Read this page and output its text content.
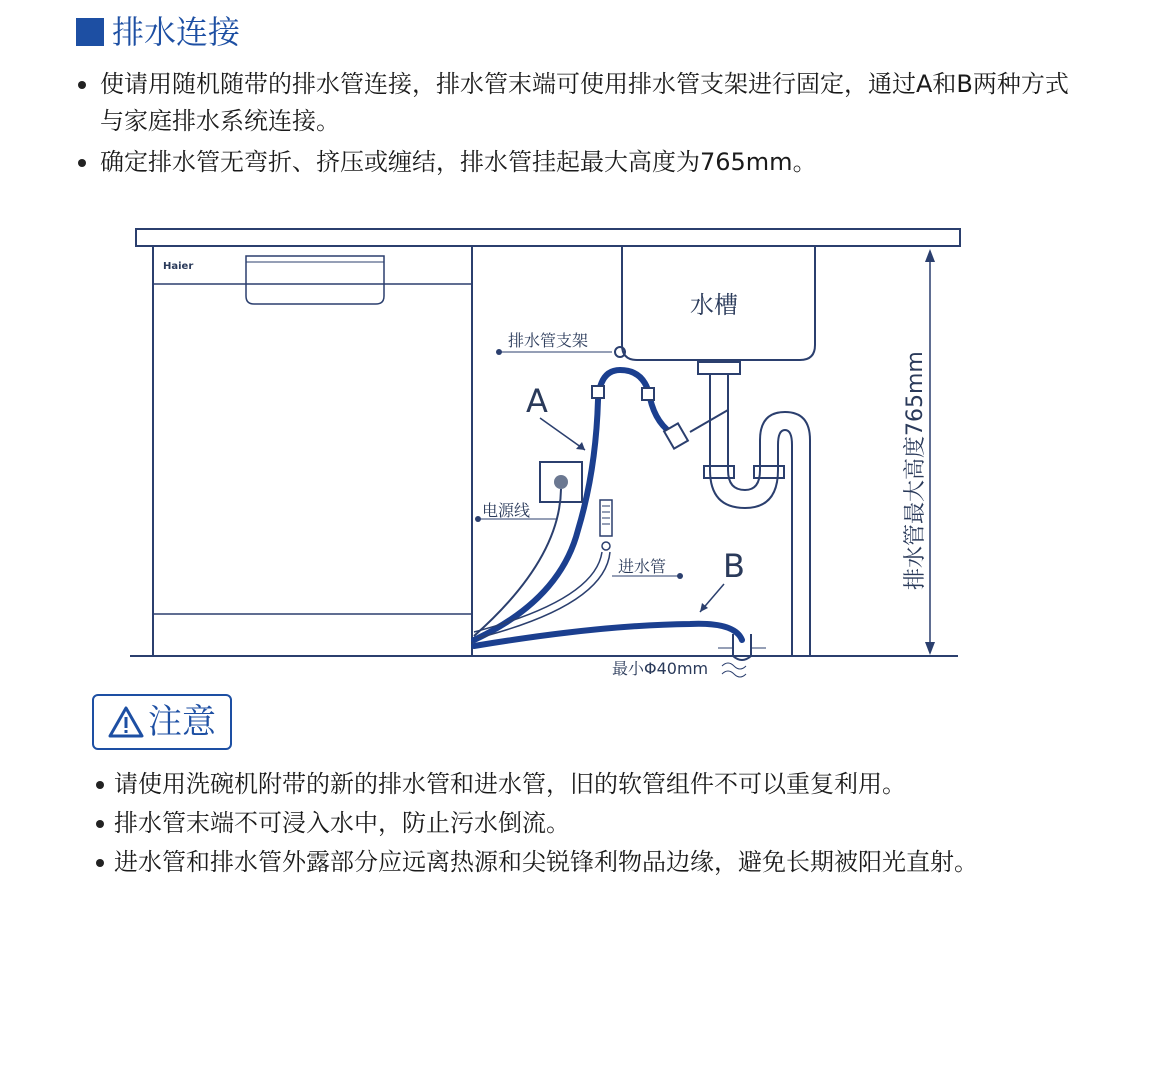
排水连接
使请用随机随带的排水管连接，排水管末端可使用排水管支架进行固定，通过A和B两种方式与家庭排水系统连接。
确定排水管无弯折、挤压或缠结，排水管挂起最大高度为765mm。
Haier
水槽
排水管支架
A
B
电源线
进水管
最小Φ40mm
排水管最大高度765mm
注意
请使用洗碗机附带的新的排水管和进水管，旧的软管组件不可以重复利用。
排水管末端不可浸入水中，防止污水倒流。
进水管和排水管外露部分应远离热源和尖锐锋利物品边缘，避免长期被阳光直射。
